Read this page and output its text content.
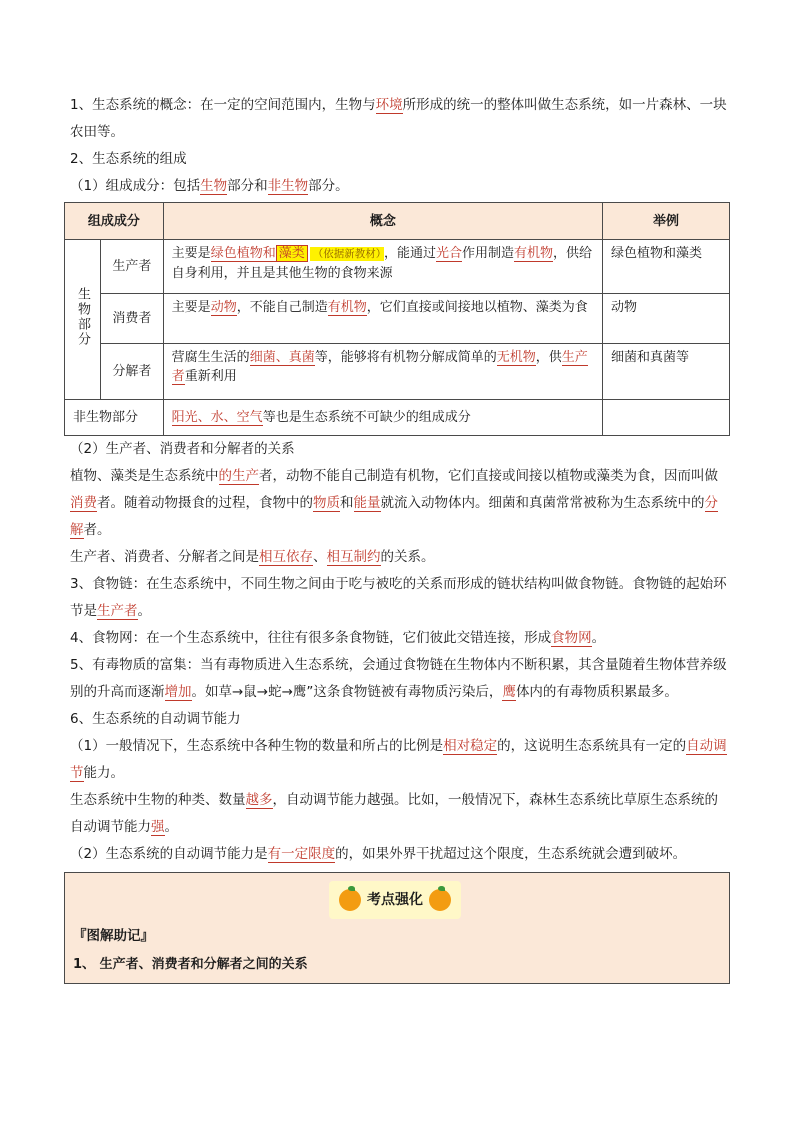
1、生态系统的概念：在一定的空间范围内，生物与环境所形成的统一的整体叫做生态系统，如一片森林、一块农田等。

2、生态系统的组成

（1）组成成分：包括生物部分和非生物部分。

组成成分		概念	举例
生物部分	生产者	主要是绿色植物和 藻类 （依据新教材） ，能通过光合作用制造有机物，供给自身利用，并且是其他生物的食物来源	绿色植物和藻类
	消费者	主要是动物，不能自己制造有机物，它们直接或间接地以植物、藻类为食	动物
	分解者	营腐生生活的细菌、真菌等，能够将有机物分解成简单的无机物，供生产者重新利用	细菌和真菌等
非生物部分		阳光、水、空气等也是生态系统不可缺少的组成成分	

（2）生产者、消费者和分解者的关系

植物、藻类是生态系统中的生产者，动物不能自己制造有机物，它们直接或间接以植物或藻类为食，因而叫做消费者。随着动物摄食的过程，食物中的物质和能量就流入动物体内。细菌和真菌常常被称为生态系统中的分解者。

生产者、消费者、分解者之间是相互依存、相互制约的关系。

3、食物链：在生态系统中，不同生物之间由于吃与被吃的关系而形成的链状结构叫做食物链。食物链的起始环节是生产者。

4、食物网：在一个生态系统中，往往有很多条食物链，它们彼此交错连接，形成食物网。

5、有毒物质的富集：当有毒物质进入生态系统，会通过食物链在生物体内不断积累，其含量随着生物体营养级别的升高而逐渐增加。如草→鼠→蛇→鹰”这条食物链被有毒物质污染后，鹰体内的有毒物质积累最多。

6、生态系统的自动调节能力

（1）一般情况下，生态系统中各种生物的数量和所占的比例是相对稳定的，这说明生态系统具有一定的自动调节能力。

生态系统中生物的种类、数量越多，自动调节能力越强。比如，一般情况下，森林生态系统比草原生态系统的自动调节能力强。

（2）生态系统的自动调节能力是有一定限度的，如果外界干扰超过这个限度，生态系统就会遭到破坏。

考点强化
『图解助记』
1、 生产者、消费者和分解者之间的关系
